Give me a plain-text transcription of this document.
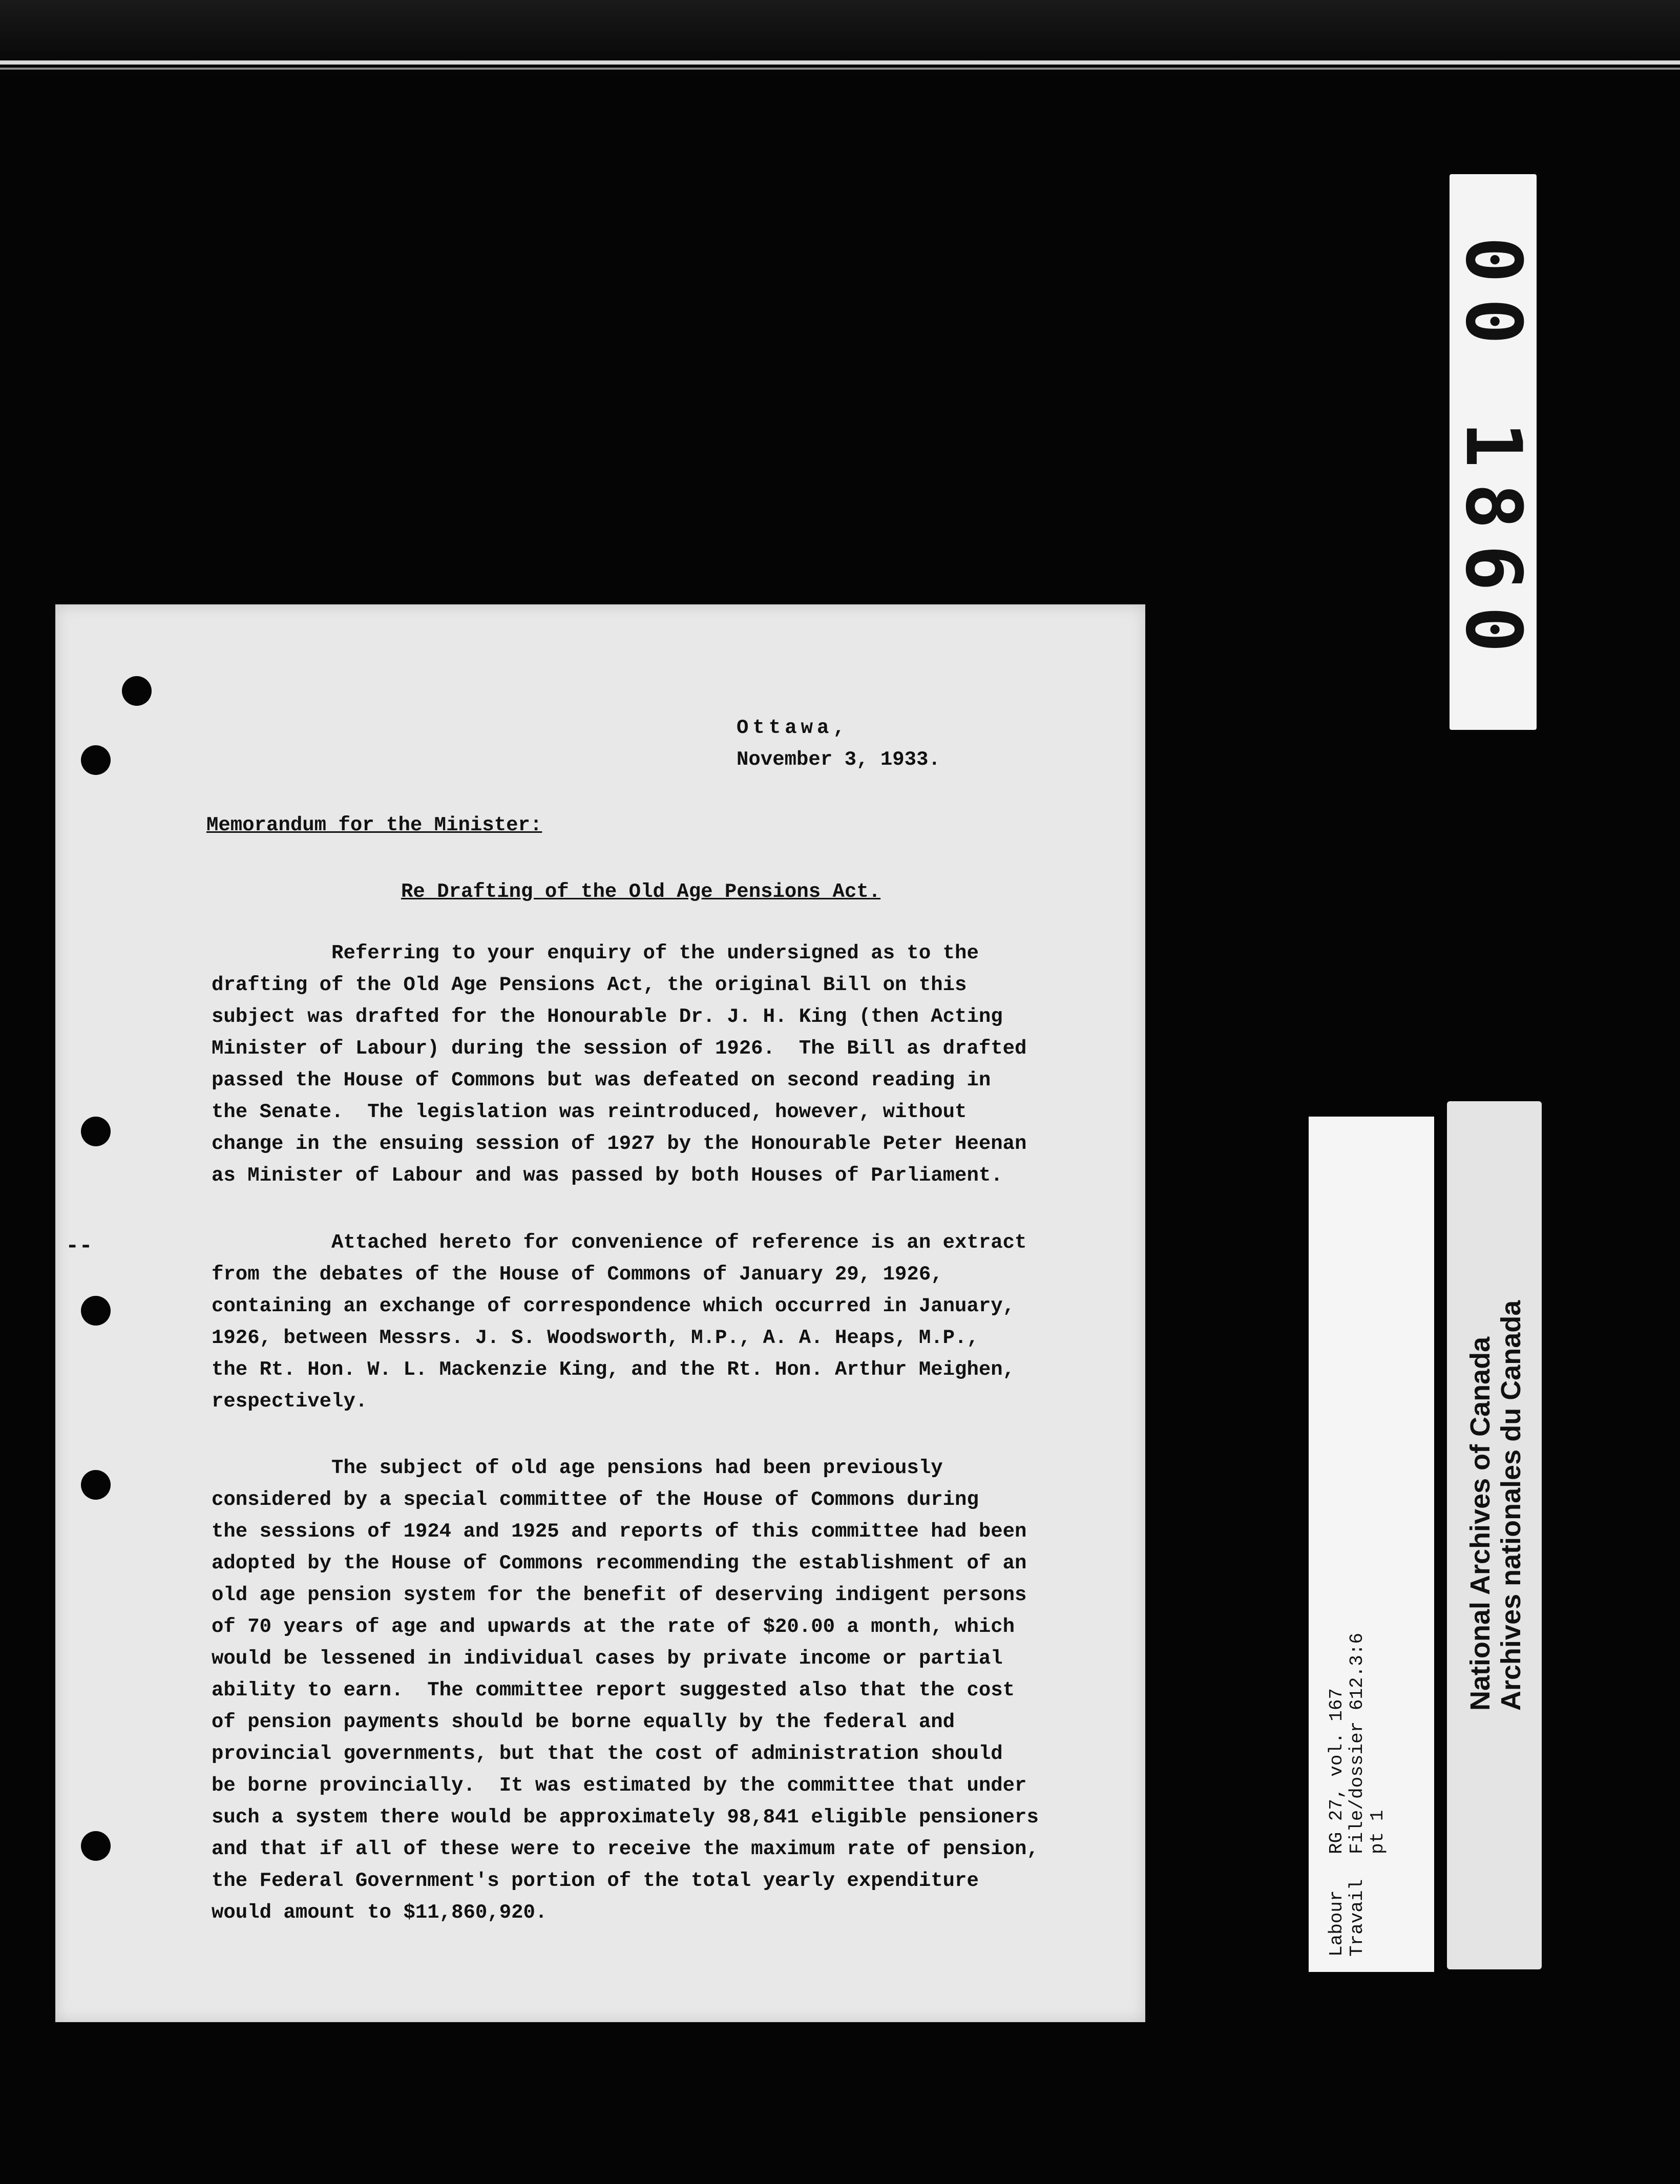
00 1860
Ottawa,
November 3, 1933.
Memorandum for the Minister:
Re Drafting of the Old Age Pensions Act.
Referring to your enquiry of the undersigned as to the
drafting of the Old Age Pensions Act, the original Bill on this
subject was drafted for the Honourable Dr. J. H. King (then Acting
Minister of Labour) during the session of 1926.  The Bill as drafted
passed the House of Commons but was defeated on second reading in
the Senate.  The legislation was reintroduced, however, without
change in the ensuing session of 1927 by the Honourable Peter Heenan
as Minister of Labour and was passed by both Houses of Parliament.
Attached hereto for convenience of reference is an extract
from the debates of the House of Commons of January 29, 1926,
containing an exchange of correspondence which occurred in January,
1926, between Messrs. J. S. Woodsworth, M.P., A. A. Heaps, M.P.,
the Rt. Hon. W. L. Mackenzie King, and the Rt. Hon. Arthur Meighen,
respectively.
The subject of old age pensions had been previously
considered by a special committee of the House of Commons during
the sessions of 1924 and 1925 and reports of this committee had been
adopted by the House of Commons recommending the establishment of an
old age pension system for the benefit of deserving indigent persons
of 70 years of age and upwards at the rate of $20.00 a month, which
would be lessened in individual cases by private income or partial
ability to earn.  The committee report suggested also that the cost
of pension payments should be borne equally by the federal and
provincial governments, but that the cost of administration should
be borne provincially.  It was estimated by the committee that under
such a system there would be approximately 98,841 eligible pensioners
and that if all of these were to receive the maximum rate of pension,
the Federal Government's portion of the total yearly expenditure
would amount to $11,860,920.
--
RG 27, vol. 167
File/dossier 612.3:6
pt 1
Labour
Travail
National Archives of Canada
Archives nationales du Canada
